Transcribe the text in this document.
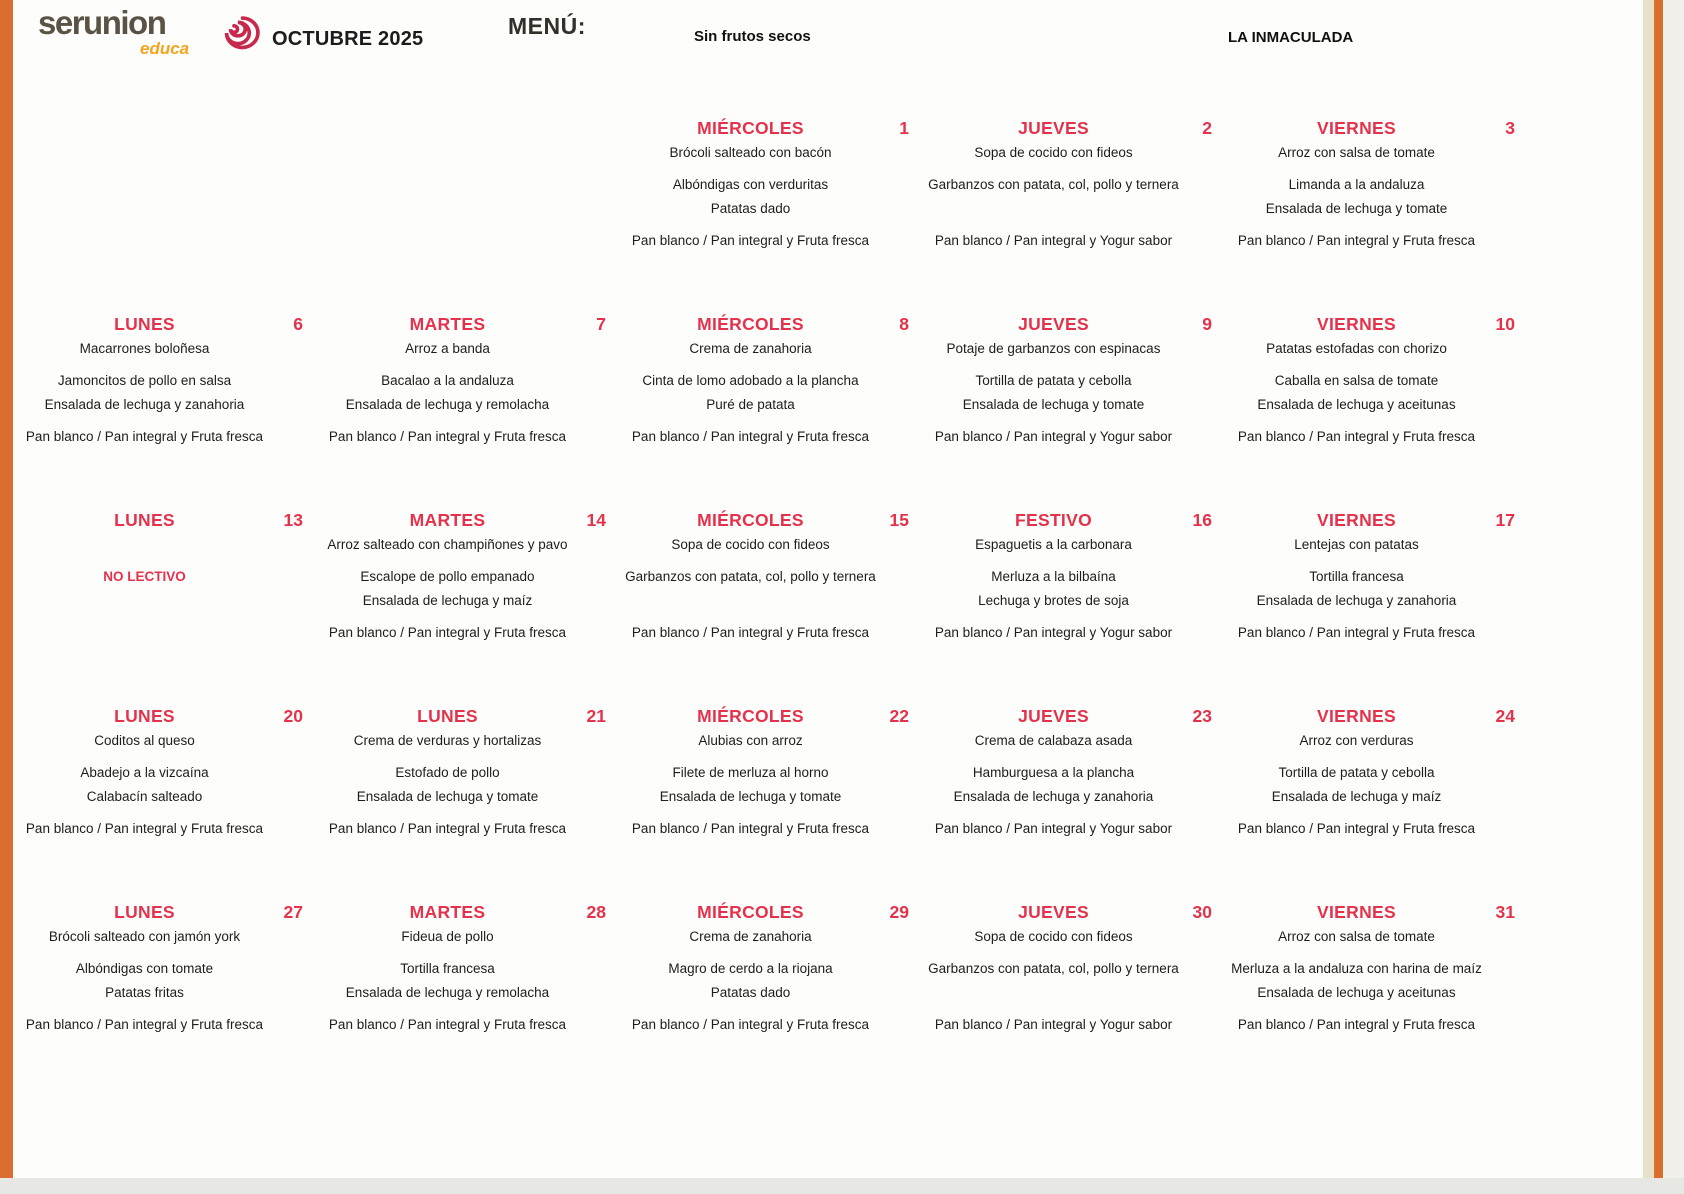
serunion
educa	OCTUBRE 2025	MENÚ:	Sin frutos secos	LA INMACULADA
MIÉRCOLES	1
Brócoli salteado con bacón
Albóndigas con verduritas
Patatas dado
Pan blanco / Pan integral y Fruta fresca
JUEVES	2
Sopa de cocido con fideos
Garbanzos con patata, col, pollo y ternera
Pan blanco / Pan integral y Yogur sabor
VIERNES	3
Arroz con salsa de tomate
Limanda a la andaluza
Ensalada de lechuga y tomate
Pan blanco / Pan integral y Fruta fresca
LUNES	6
Macarrones boloñesa
Jamoncitos de pollo en salsa
Ensalada de lechuga y zanahoria
Pan blanco / Pan integral y Fruta fresca
MARTES	7
Arroz a banda
Bacalao a la andaluza
Ensalada de lechuga y remolacha
Pan blanco / Pan integral y Fruta fresca
MIÉRCOLES	8
Crema de zanahoria
Cinta de lomo adobado a la plancha
Puré de patata
Pan blanco / Pan integral y Fruta fresca
JUEVES	9
Potaje de garbanzos con espinacas
Tortilla de patata y cebolla
Ensalada de lechuga y tomate
Pan blanco / Pan integral y Yogur sabor
VIERNES	10
Patatas estofadas con chorizo
Caballa en salsa de tomate
Ensalada de lechuga y aceitunas
Pan blanco / Pan integral y Fruta fresca
LUNES	13
NO LECTIVO
MARTES	14
Arroz salteado con champiñones y pavo
Escalope de pollo empanado
Ensalada de lechuga y maíz
Pan blanco / Pan integral y Fruta fresca
MIÉRCOLES	15
Sopa de cocido con fideos
Garbanzos con patata, col, pollo y ternera
Pan blanco / Pan integral y Fruta fresca
FESTIVO	16
Espaguetis a la carbonara
Merluza a la bilbaína
Lechuga y brotes de soja
Pan blanco / Pan integral y Yogur sabor
VIERNES	17
Lentejas con patatas
Tortilla francesa
Ensalada de lechuga y zanahoria
Pan blanco / Pan integral y Fruta fresca
LUNES	20
Coditos al queso
Abadejo a la vizcaína
Calabacín salteado
Pan blanco / Pan integral y Fruta fresca
LUNES	21
Crema de verduras y hortalizas
Estofado de pollo
Ensalada de lechuga y tomate
Pan blanco / Pan integral y Fruta fresca
MIÉRCOLES	22
Alubias con arroz
Filete de merluza al horno
Ensalada de lechuga y tomate
Pan blanco / Pan integral y Fruta fresca
JUEVES	23
Crema de calabaza asada
Hamburguesa a la plancha
Ensalada de lechuga y zanahoria
Pan blanco / Pan integral y Yogur sabor
VIERNES	24
Arroz con verduras
Tortilla de patata y cebolla
Ensalada de lechuga y maíz
Pan blanco / Pan integral y Fruta fresca
LUNES	27
Brócoli salteado con jamón york
Albóndigas con tomate
Patatas fritas
Pan blanco / Pan integral y Fruta fresca
MARTES	28
Fideua de pollo
Tortilla francesa
Ensalada de lechuga y remolacha
Pan blanco / Pan integral y Fruta fresca
MIÉRCOLES	29
Crema de zanahoria
Magro de cerdo a la riojana
Patatas dado
Pan blanco / Pan integral y Fruta fresca
JUEVES	30
Sopa de cocido con fideos
Garbanzos con patata, col, pollo y ternera
Pan blanco / Pan integral y Yogur sabor
VIERNES	31
Arroz con salsa de tomate
Merluza a la andaluza con harina de maíz
Ensalada de lechuga y aceitunas
Pan blanco / Pan integral y Fruta fresca
